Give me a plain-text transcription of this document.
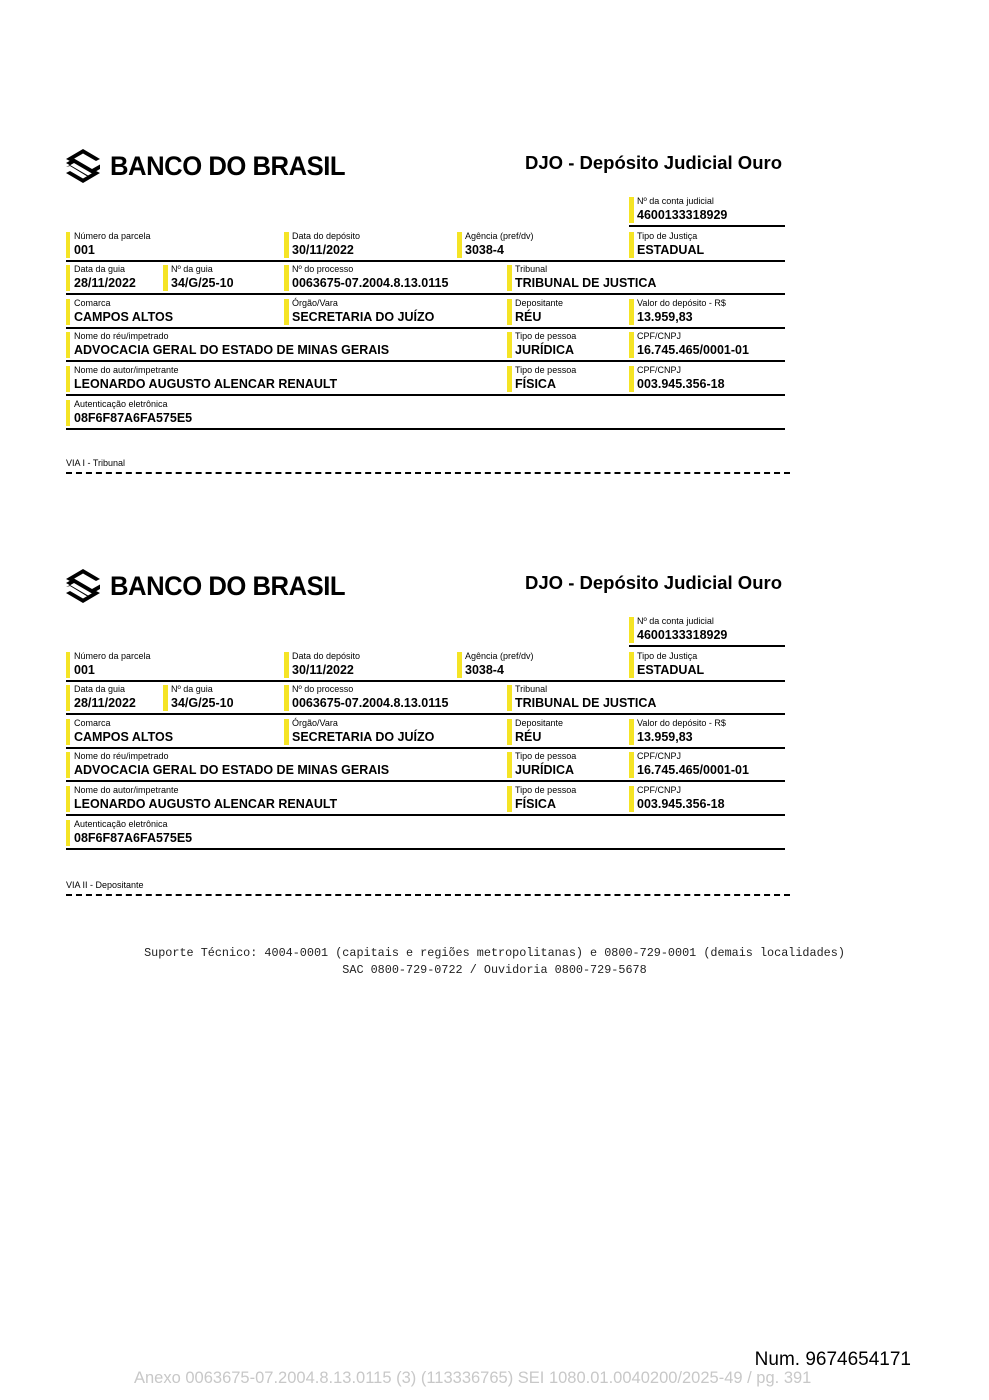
BANCO DO BRASIL	DJO - Depósito Judicial Ouro
Nº da conta judicial
4600133318929
Número da parcela
001
Data do depósito
30/11/2022
Agência (pref/dv)
3038-4
Tipo de Justiça
ESTADUAL
Data da guia
28/11/2022
Nº da guia
34/G/25-10
Nº do processo
0063675-07.2004.8.13.0115
Tribunal
TRIBUNAL DE JUSTICA
Comarca
CAMPOS ALTOS
Órgão/Vara
SECRETARIA DO JUÍZO
Depositante
RÉU
Valor do depósito - R$
13.959,83
Nome do réu/impetrado
ADVOCACIA GERAL DO ESTADO DE MINAS GERAIS
Tipo de pessoa
JURÍDICA
CPF/CNPJ
16.745.465/0001-01
Nome do autor/impetrante
LEONARDO AUGUSTO ALENCAR RENAULT
Tipo de pessoa
FÍSICA
CPF/CNPJ
003.945.356-18
Autenticação eletrônica
08F6F87A6FA575E5
VIA I - Tribunal
BANCO DO BRASIL	DJO - Depósito Judicial Ouro
Nº da conta judicial
4600133318929
Número da parcela
001
Data do depósito
30/11/2022
Agência (pref/dv)
3038-4
Tipo de Justiça
ESTADUAL
Data da guia
28/11/2022
Nº da guia
34/G/25-10
Nº do processo
0063675-07.2004.8.13.0115
Tribunal
TRIBUNAL DE JUSTICA
Comarca
CAMPOS ALTOS
Órgão/Vara
SECRETARIA DO JUÍZO
Depositante
RÉU
Valor do depósito - R$
13.959,83
Nome do réu/impetrado
ADVOCACIA GERAL DO ESTADO DE MINAS GERAIS
Tipo de pessoa
JURÍDICA
CPF/CNPJ
16.745.465/0001-01
Nome do autor/impetrante
LEONARDO AUGUSTO ALENCAR RENAULT
Tipo de pessoa
FÍSICA
CPF/CNPJ
003.945.356-18
Autenticação eletrônica
08F6F87A6FA575E5
VIA II - Depositante
Suporte Técnico: 4004-0001 (capitais e regiões metropolitanas) e 0800-729-0001 (demais localidades)
SAC 0800-729-0722 / Ouvidoria 0800-729-5678
Num. 9674654171
Anexo 0063675-07.2004.8.13.0115 (3) (113336765) SEI 1080.01.0040200/2025-49 / pg. 391
